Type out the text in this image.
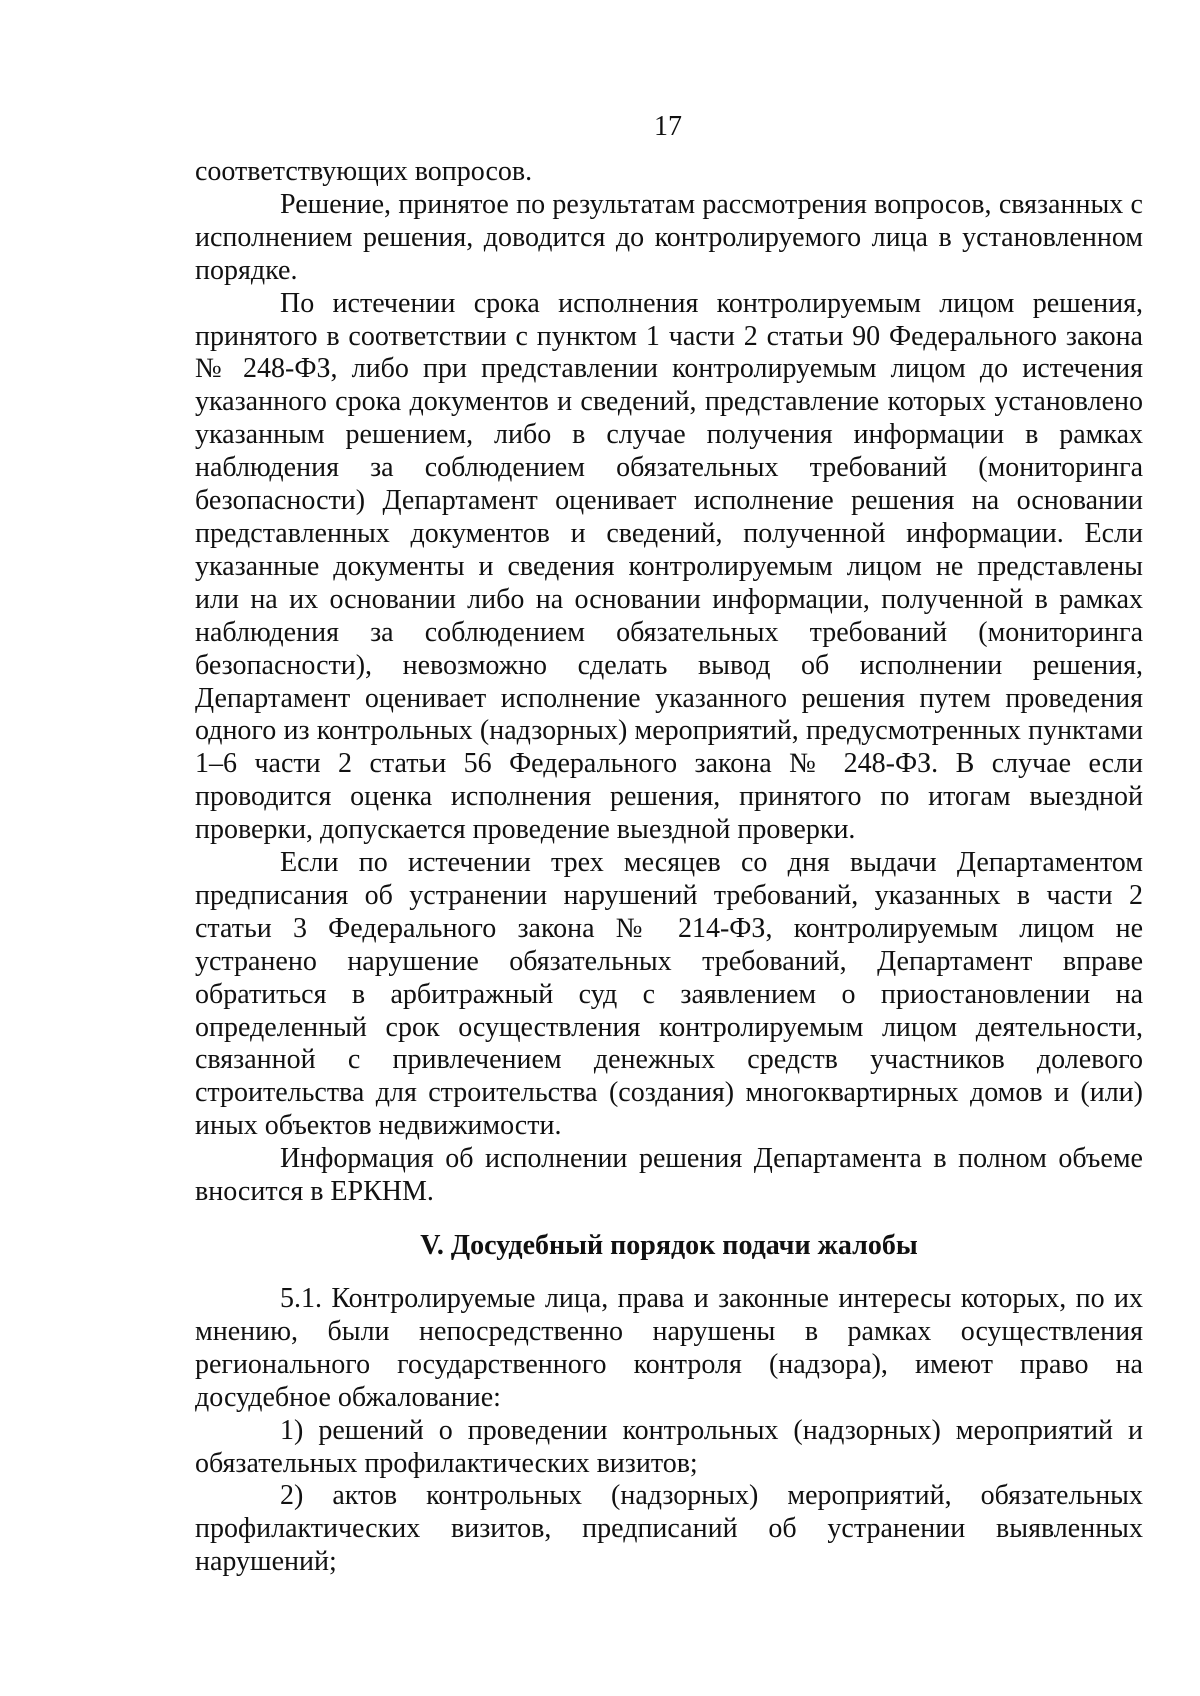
17

соответствующих вопросов.

Решение, принятое по результатам рассмотрения вопросов, связанных с исполнением решения, доводится до контролируемого лица в установленном порядке.

По истечении срока исполнения контролируемым лицом решения, принятого в соответствии с пунктом 1 части 2 статьи 90 Федерального закона № 248-ФЗ, либо при представлении контролируемым лицом до истечения указанного срока документов и сведений, представление которых установлено указанным решением, либо в случае получения информации в рамках наблюдения за соблюдением обязательных требований (мониторинга безопасности) Департамент оценивает исполнение решения на основании представленных документов и сведений, полученной информации. Если указанные документы и сведения контролируемым лицом не представлены или на их основании либо на основании информации, полученной в рамках наблюдения за соблюдением обязательных требований (мониторинга безопасности), невозможно сделать вывод об исполнении решения, Департамент оценивает исполнение указанного решения путем проведения одного из контрольных (надзорных) мероприятий, предусмотренных пунктами 1–6 части 2 статьи 56 Федерального закона № 248-ФЗ. В случае если проводится оценка исполнения решения, принятого по итогам выездной проверки, допускается проведение выездной проверки.

Если по истечении трех месяцев со дня выдачи Департаментом предписания об устранении нарушений требований, указанных в части 2 статьи 3 Федерального закона № 214-ФЗ, контролируемым лицом не устранено нарушение обязательных требований, Департамент вправе обратиться в арбитражный суд с заявлением о приостановлении на определенный срок осуществления контролируемым лицом деятельности, связанной с привлечением денежных средств участников долевого строительства для строительства (создания) многоквартирных домов и (или) иных объектов недвижимости.

Информация об исполнении решения Департамента в полном объеме вносится в ЕРКНМ.

V. Досудебный порядок подачи жалобы

5.1. Контролируемые лица, права и законные интересы которых, по их мнению, были непосредственно нарушены в рамках осуществления регионального государственного контроля (надзора), имеют право на досудебное обжалование:

1) решений о проведении контрольных (надзорных) мероприятий и обязательных профилактических визитов;

2) актов контрольных (надзорных) мероприятий, обязательных профилактических визитов, предписаний об устранении выявленных нарушений;
